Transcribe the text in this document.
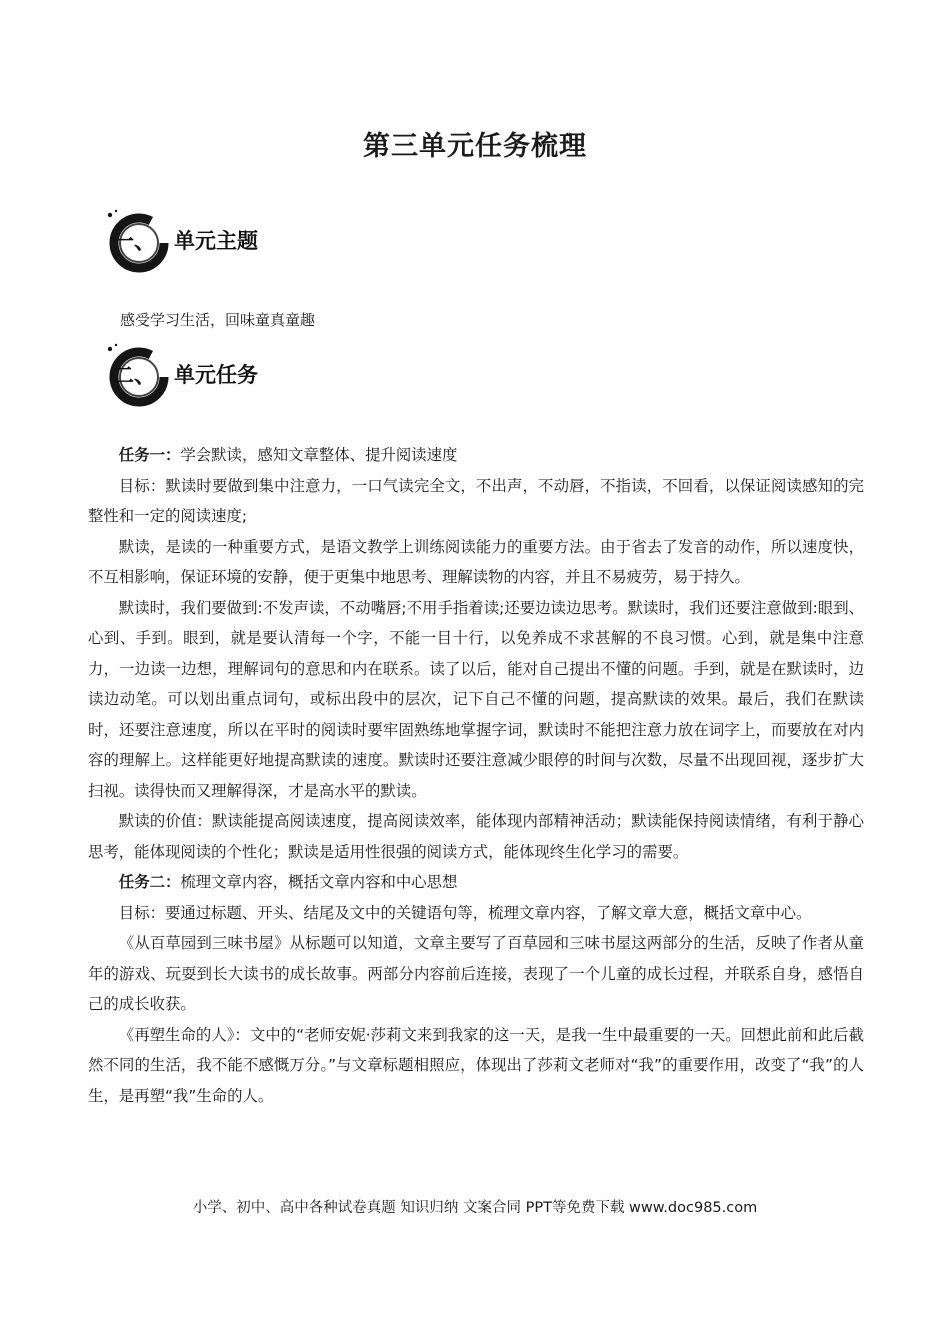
第三单元任务梳理
一、 单元主题

感受学习生活，回味童真童趣

二、 单元任务

任务一：学会默读，感知文章整体、提升阅读速度

目标：默读时要做到集中注意力，一口气读完全文，不出声，不动唇，不指读，不回看，以保证阅读感知的完整性和一定的阅读速度;

默读，是读的一种重要方式，是语文教学上训练阅读能力的重要方法。由于省去了发音的动作，所以速度快，不互相影响，保证环境的安静，便于更集中地思考、理解读物的内容，并且不易疲劳，易于持久。

默读时，我们要做到:不发声读，不动嘴唇;不用手指着读;还要边读边思考。默读时，我们还要注意做到:眼到、心到、手到。眼到，就是要认清每一个字，不能一目十行，以免养成不求甚解的不良习惯。心到，就是集中注意力，一边读一边想，理解词句的意思和内在联系。读了以后，能对自己提出不懂的问题。手到，就是在默读时，边读边动笔。可以划出重点词句，或标出段中的层次，记下自己不懂的问题，提高默读的效果。最后，我们在默读时，还要注意速度，所以在平时的阅读时要牢固熟练地掌握字词，默读时不能把注意力放在词字上，而要放在对内容的理解上。这样能更好地提高默读的速度。默读时还要注意减少眼停的时间与次数，尽量不出现回视，逐步扩大扫视。读得快而又理解得深，才是高水平的默读。

默读的价值：默读能提高阅读速度，提高阅读效率，能体现内部精神活动；默读能保持阅读情绪，有利于静心思考，能体现阅读的个性化；默读是适用性很强的阅读方式，能体现终生化学习的需要。

任务二：梳理文章内容，概括文章内容和中心思想

目标：要通过标题、开头、结尾及文中的关键语句等，梳理文章内容，了解文章大意，概括文章中心。

《从百草园到三味书屋》从标题可以知道，文章主要写了百草园和三味书屋这两部分的生活，反映了作者从童年的游戏、玩耍到长大读书的成长故事。两部分内容前后连接，表现了一个儿童的成长过程，并联系自身，感悟自己的成长收获。

《再塑生命的人》：文中的“老师安妮·莎莉文来到我家的这一天，是我一生中最重要的一天。回想此前和此后截然不同的生活，我不能不感慨万分。”与文章标题相照应，体现出了莎莉文老师对“我”的重要作用，改变了“我”的人生，是再塑“我”生命的人。

小学、初中、高中各种试卷真题 知识归纳 文案合同 PPT等免费下载 www.doc985.com
